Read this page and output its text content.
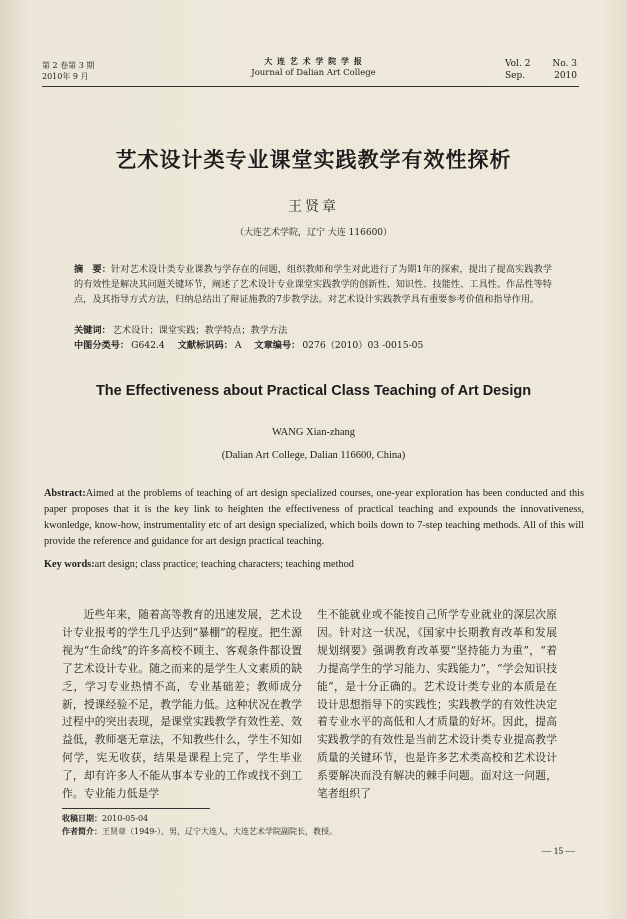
第 2 卷第 3 期
2010年 9 月
大 连 艺 术 学 院 学 报
Journal of Dalian Art College
Vol. 2 No. 3
Sep.	2010
艺术设计类专业课堂实践教学有效性探析
王贤章
（大连艺术学院，辽宁 大连 116600）
摘　要：针对艺术设计类专业课教与学存在的问题，组织教师和学生对此进行了为期1年的探索，提出了提高实践教学的有效性是解决其问题关键环节，阐述了艺术设计专业课堂实践教学的创新性、知识性、技能性、工具性、作品性等特点，及其指导方式方法，归纳总结出了辩证施教的7步教学法。对艺术设计实践教学具有重要参考价值和指导作用。
关键词： 艺术设计；课堂实践；教学特点；教学方法
中图分类号： G642.4 文献标识码： A 文章编号： 0276（2010）03 -0015-05
The Effectiveness about Practical Class Teaching of Art Design
WANG Xian-zhang
(Dalian Art College, Dalian 116600, China)
Abstract:Aimed at the problems of teaching of art design specialized courses, one-year exploration has been conducted and this paper proposes that it is the key link to heighten the effectiveness of practical teaching and expounds the innovativeness, kwonledge, know-how, instrumentality etc of art design specialized, which boils down to 7-step teaching methods. All of this will provide the reference and guidance for art design practical teaching.
Key words:art design; class practice; teaching characters; teaching method
近些年来，随着高等教育的迅速发展，艺术设计专业报考的学生几乎达到“暴棚”的程度。把生源视为“生命线”的许多高校不顾主、客观条件都设置了艺术设计专业。随之而来的是学生人文素质的缺乏，学习专业热情不高，专业基础差；教师成分新，授课经验不足，教学能力低。这种状况在教学过程中的突出表现，是课堂实践教学有效性差、效益低，教师毫无章法，不知教些什么，学生不知如何学，宪无收获，结果是课程上完了，学生毕业了，却有许多人不能从事本专业的工作或找不到工作。专业能力低是学
生不能就业或不能按自己所学专业就业的深层次原因。针对这一状况，《国家中长期教育改革和发展规划纲要》强调教育改革要“坚持能力为重”，“着力提高学生的学习能力、实践能力”，“学会知识技能”，是十分正确的。艺术设计类专业的本质是在设计思想指导下的实践性；实践教学的有效性决定着专业水平的高低和人才质量的好坏。因此，提高实践教学的有效性是当前艺术设计类专业提高教学质量的关键环节，也是许多艺术类高校和艺术设计系要解决而没有解决的棘手问题。面对这一问题，笔者组织了
收稿日期：2010-05-04
作者简介：王贤章（1949-），男，辽宁大连人，大连艺术学院副院长，教授。
— 15 —
